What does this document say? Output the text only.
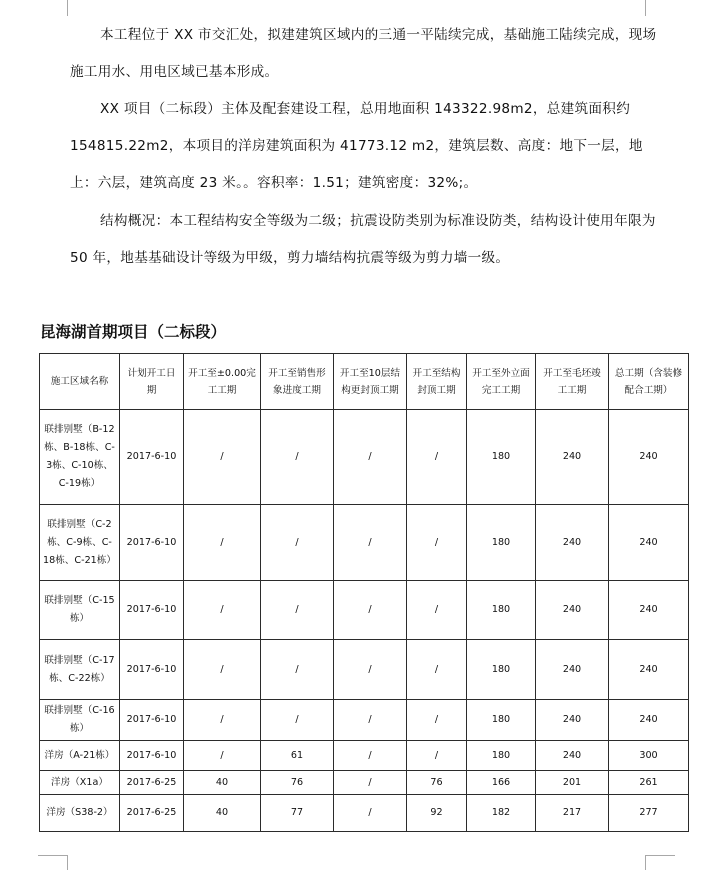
本工程位于 XX 市交汇处，拟建建筑区域内的三通一平陆续完成，基础施工陆续完成，现场施工用水、用电区域已基本形成。

XX 项目（二标段）主体及配套建设工程，总用地面积 143322.98m2，总建筑面积约 154815.22m2，本项目的洋房建筑面积为 41773.12 m2，建筑层数、高度：地下一层，地上：六层，建筑高度 23 米。。容积率：1.51；建筑密度：32%;。

结构概况：本工程结构安全等级为二级；抗震设防类别为标准设防类，结构设计使用年限为 50 年，地基基础设计等级为甲级，剪力墙结构抗震等级为剪力墙一级。

昆海湖首期项目（二标段）
施工区域名称	计划开工日期	开工至±0.00完工工期	开工至销售形象进度工期	开工至10层结构更封顶工期	开工至结构封顶工期	开工至外立面完工工期	开工至毛坯竣工工期	总工期（含装修配合工期）
联排别墅（B-12栋、B-18栋、C-3栋、C-10栋、C-19栋）	2017-6-10	/	/	/	/	180	240	240
联排别墅（C-2栋、C-9栋、C-18栋、C-21栋）	2017-6-10	/	/	/	/	180	240	240
联排别墅（C-15栋）	2017-6-10	/	/	/	/	180	240	240
联排别墅（C-17栋、C-22栋）	2017-6-10	/	/	/	/	180	240	240
联排别墅（C-16栋）	2017-6-10	/	/	/	/	180	240	240
洋房（A-21栋）	2017-6-10	/	61	/	/	180	240	300
洋房（X1a）	2017-6-25	40	76	/	76	166	201	261
洋房（S38-2）	2017-6-25	40	77	/	92	182	217	277
